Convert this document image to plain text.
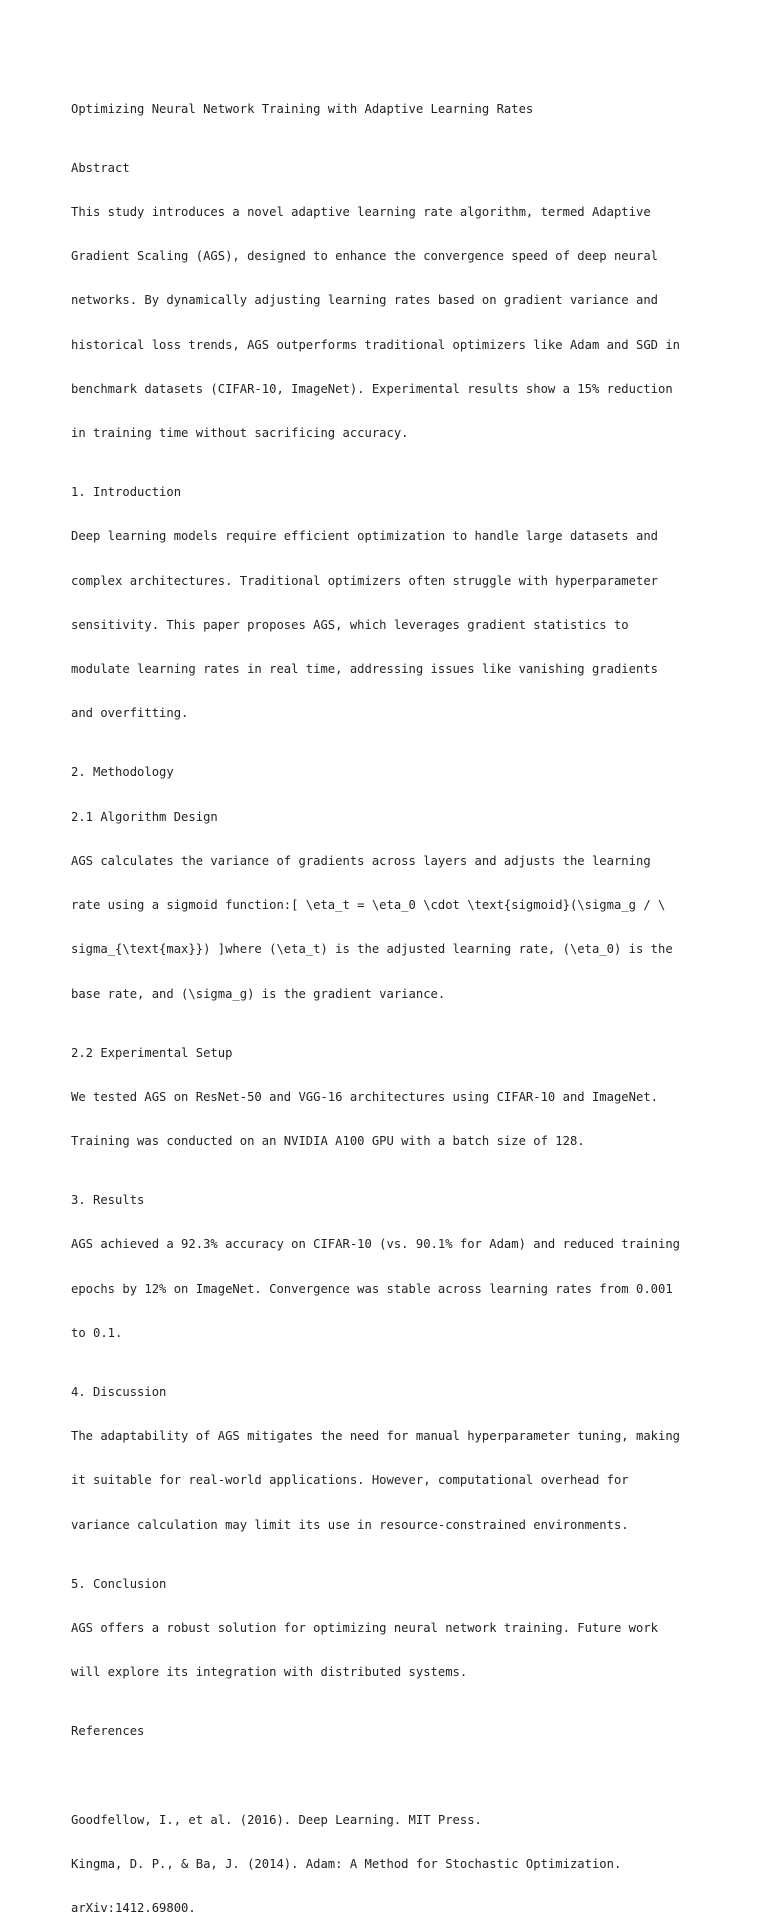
Optimizing Neural Network Training with Adaptive Learning Rates

Abstract

This study introduces a novel adaptive learning rate algorithm, termed Adaptive

Gradient Scaling (AGS), designed to enhance the convergence speed of deep neural

networks. By dynamically adjusting learning rates based on gradient variance and

historical loss trends, AGS outperforms traditional optimizers like Adam and SGD in

benchmark datasets (CIFAR-10, ImageNet). Experimental results show a 15% reduction

in training time without sacrificing accuracy.

1. Introduction

Deep learning models require efficient optimization to handle large datasets and

complex architectures. Traditional optimizers often struggle with hyperparameter

sensitivity. This paper proposes AGS, which leverages gradient statistics to

modulate learning rates in real time, addressing issues like vanishing gradients

and overfitting.

2. Methodology

2.1 Algorithm Design

AGS calculates the variance of gradients across layers and adjusts the learning

rate using a sigmoid function:[ \eta_t = \eta_0 \cdot \text{sigmoid}(\sigma_g / \

sigma_{\text{max}}) ]where (\eta_t) is the adjusted learning rate, (\eta_0) is the

base rate, and (\sigma_g) is the gradient variance.

2.2 Experimental Setup

We tested AGS on ResNet-50 and VGG-16 architectures using CIFAR-10 and ImageNet.

Training was conducted on an NVIDIA A100 GPU with a batch size of 128.

3. Results

AGS achieved a 92.3% accuracy on CIFAR-10 (vs. 90.1% for Adam) and reduced training

epochs by 12% on ImageNet. Convergence was stable across learning rates from 0.001

to 0.1.

4. Discussion

The adaptability of AGS mitigates the need for manual hyperparameter tuning, making

it suitable for real-world applications. However, computational overhead for

variance calculation may limit its use in resource-constrained environments.

5. Conclusion

AGS offers a robust solution for optimizing neural network training. Future work

will explore its integration with distributed systems.

References

Goodfellow, I., et al. (2016). Deep Learning. MIT Press.

Kingma, D. P., & Ba, J. (2014). Adam: A Method for Stochastic Optimization.

arXiv:1412.69800.
